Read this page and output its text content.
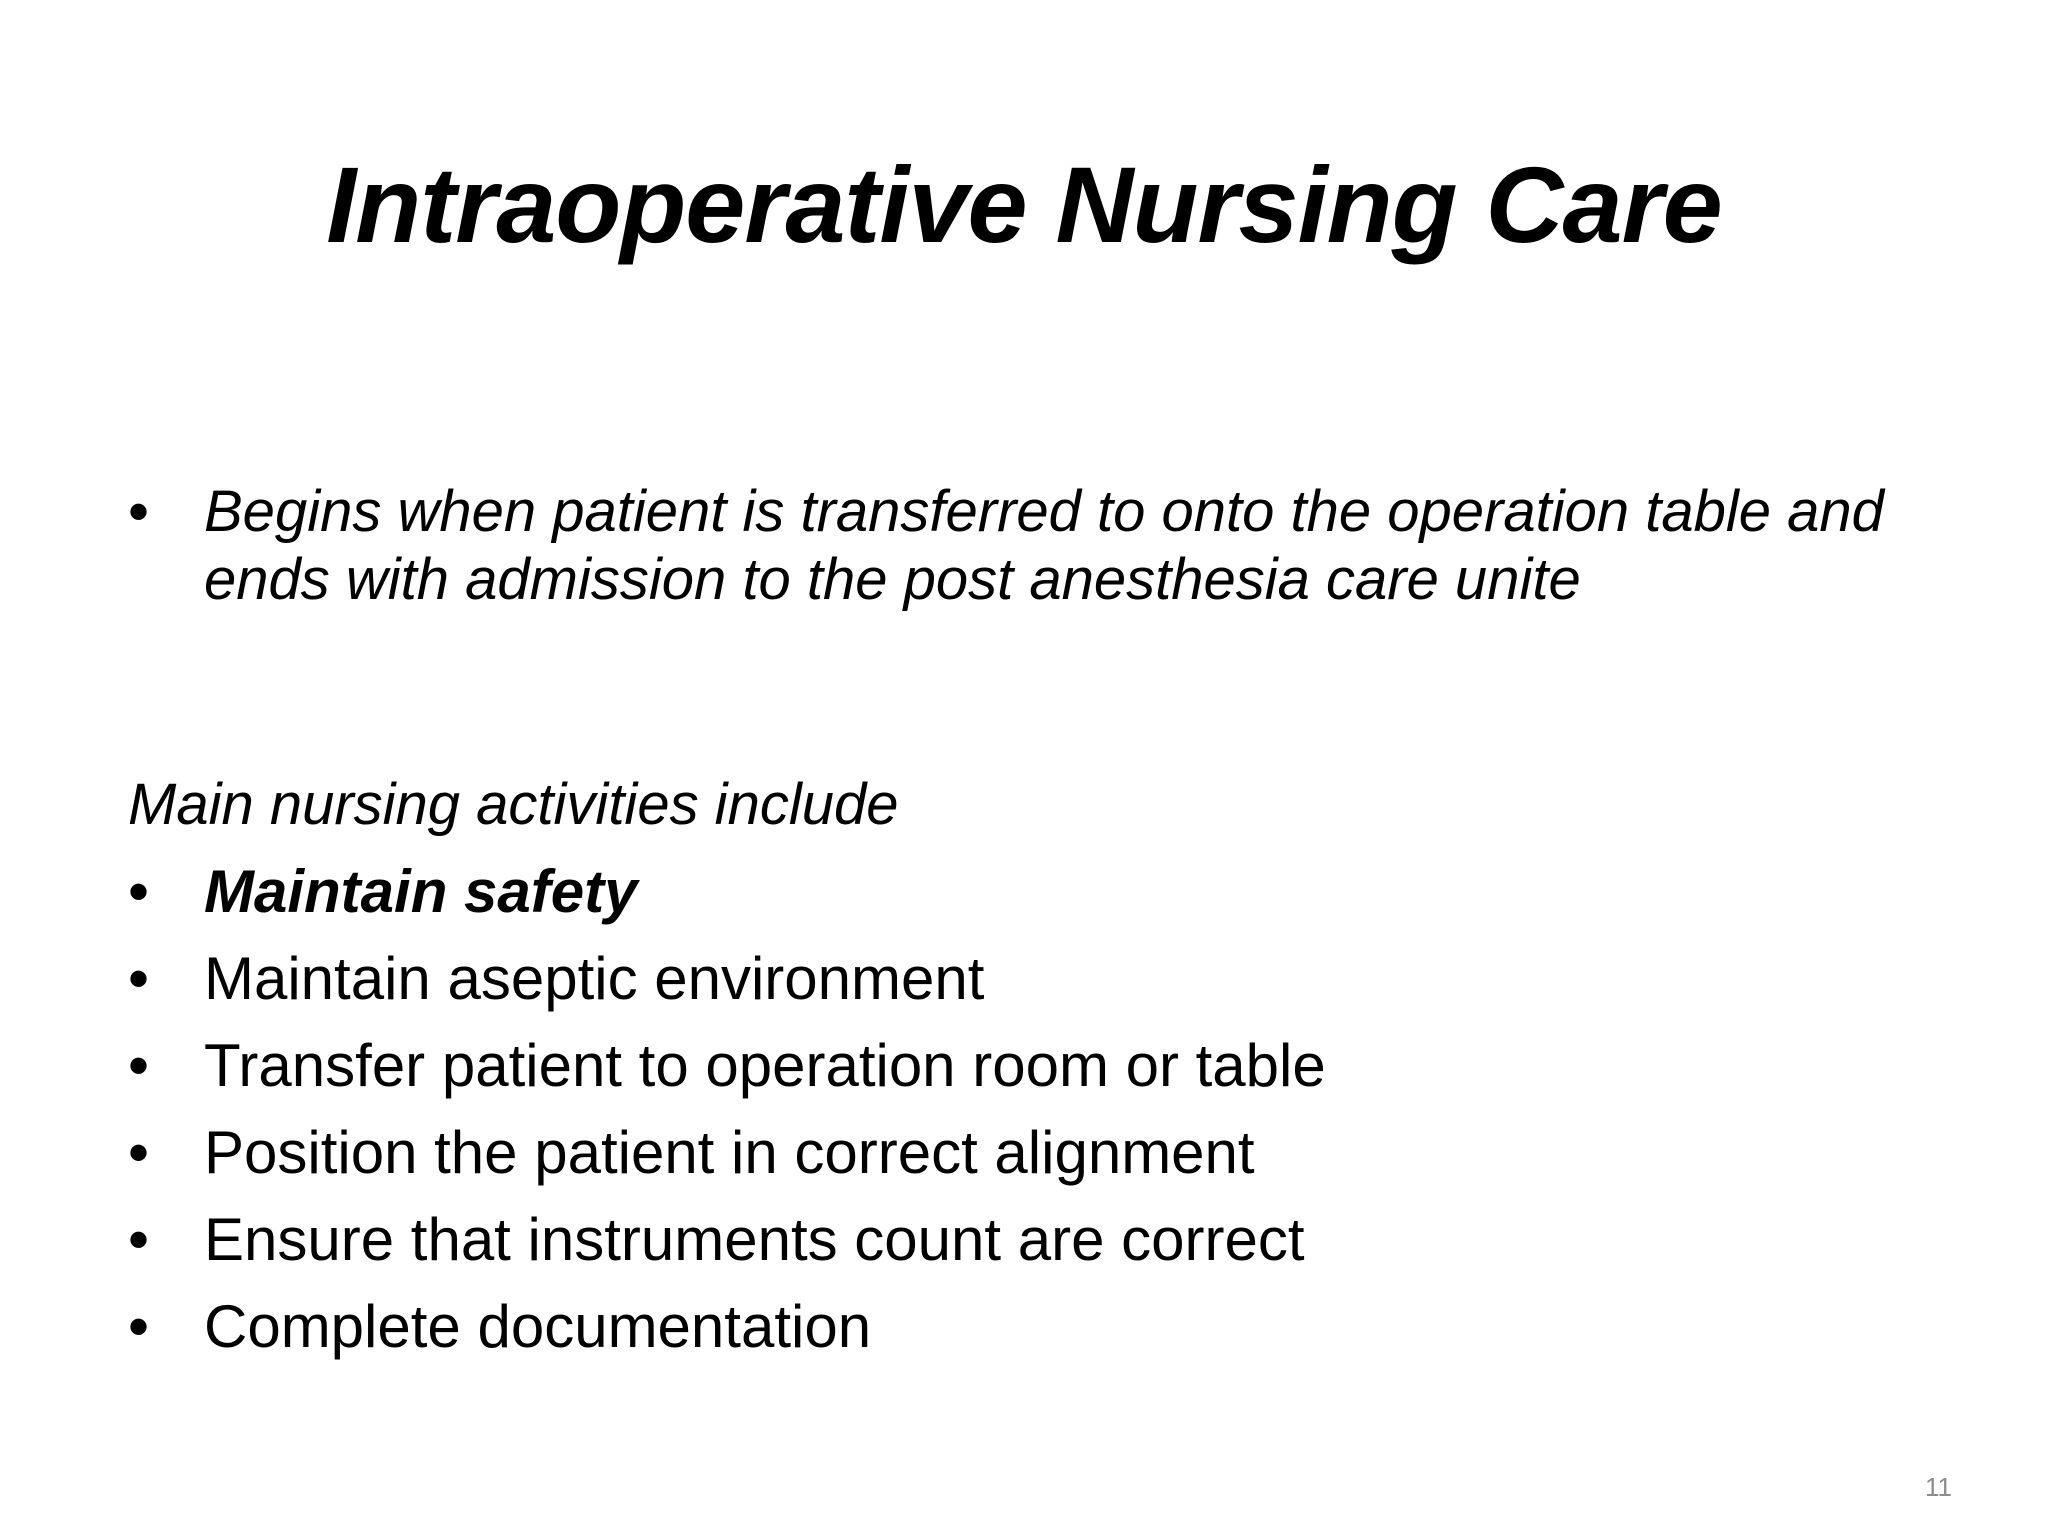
Intraoperative Nursing Care
• Begins when patient is transferred to onto the operation table and ends with admission to the post anesthesia care unite
Main nursing activities include
• Maintain safety
• Maintain aseptic environment
• Transfer patient to operation room or table
• Position the patient in correct alignment
• Ensure that instruments count are correct
• Complete documentation
11
